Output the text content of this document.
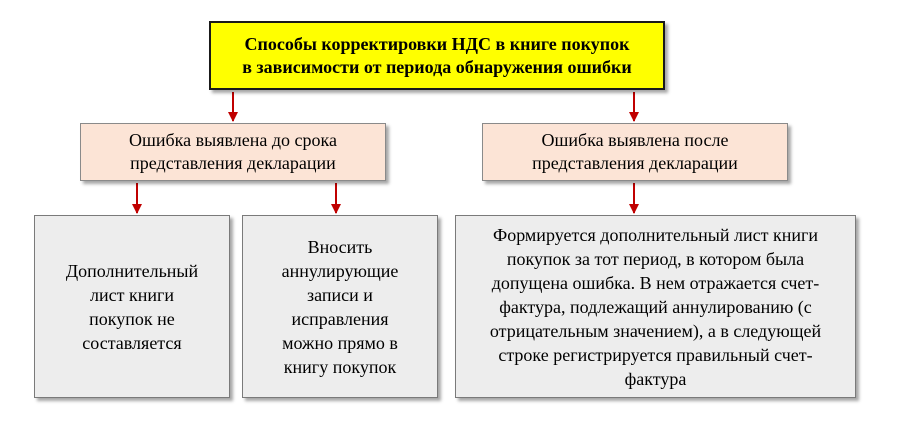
Способы корректировки НДС в книге покупок
в зависимости от периода обнаружения ошибки
Ошибка выявлена до срока
представления декларации
Ошибка выявлена после
представления декларации
Дополнительный
лист книги
покупок не
составляется
Вносить
аннулирующие
записи и
исправления
можно прямо в
книгу покупок
Формируется дополнительный лист книги
покупок за тот период, в котором была
допущена ошибка. В нем отражается счет-
фактура, подлежащий аннулированию (с
отрицательным значением), а в следующей
строке регистрируется правильный счет-
фактура
